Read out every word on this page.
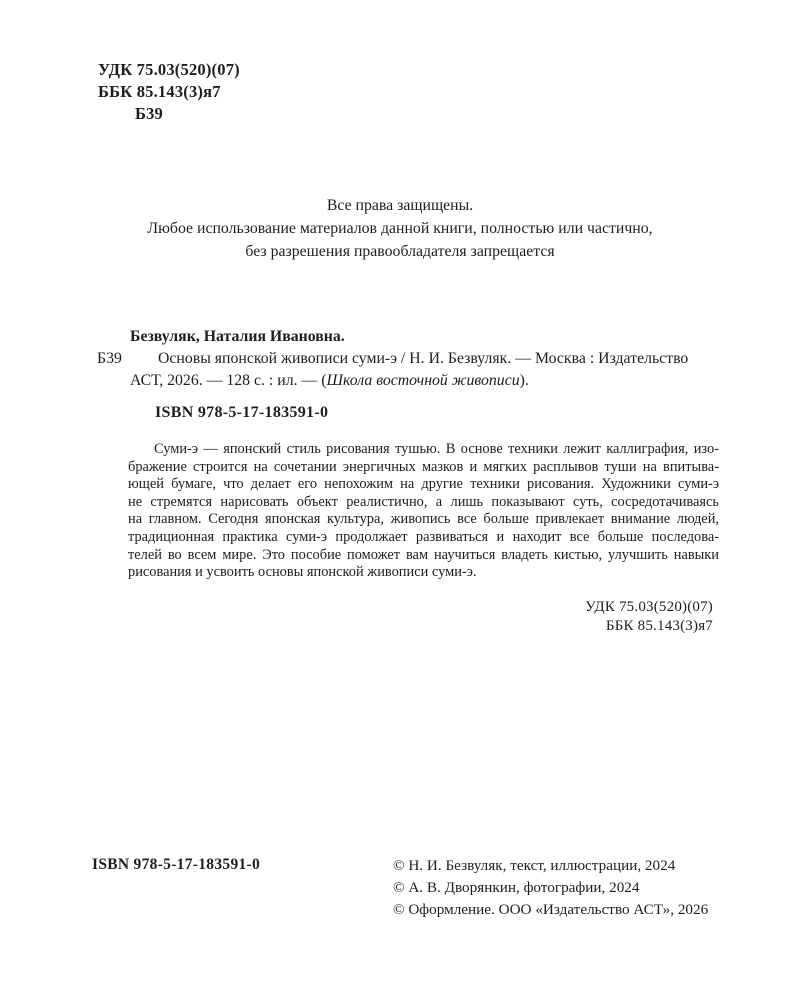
УДК 75.03(520)(07)
ББК 85.143(3)я7
Б39
Все права защищены.
Любое использование материалов данной книги, полностью или частично,
без разрешения правообладателя запрещается
Безвуляк, Наталия Ивановна.
Б39 Основы японской живописи суми-э / Н. И. Безвуляк. — Москва : Издательство
АСТ, 2026. — 128 с. : ил. — (Школа восточной живописи).
ISBN 978-5-17-183591-0
Суми-э — японский стиль рисования тушью. В основе техники лежит каллиграфия, изо-
бражение строится на сочетании энергичных мазков и мягких расплывов туши на впитыва-
ющей бумаге, что делает его непохожим на другие техники рисования. Художники суми-э
не стремятся нарисовать объект реалистично, а лишь показывают суть, сосредотачиваясь
на главном. Сегодня японская культура, живопись все больше привлекает внимание людей,
традиционная практика суми-э продолжает развиваться и находит все больше последова-
телей во всем мире. Это пособие поможет вам научиться владеть кистью, улучшить навыки
рисования и усвоить основы японской живописи суми-э.
УДК 75.03(520)(07)
ББК 85.143(3)я7
ISBN 978-5-17-183591-0	© Н. И. Безвуляк, текст, иллюстрации, 2024
© А. В. Дворянкин, фотографии, 2024
© Оформление. ООО «Издательство АСТ», 2026
